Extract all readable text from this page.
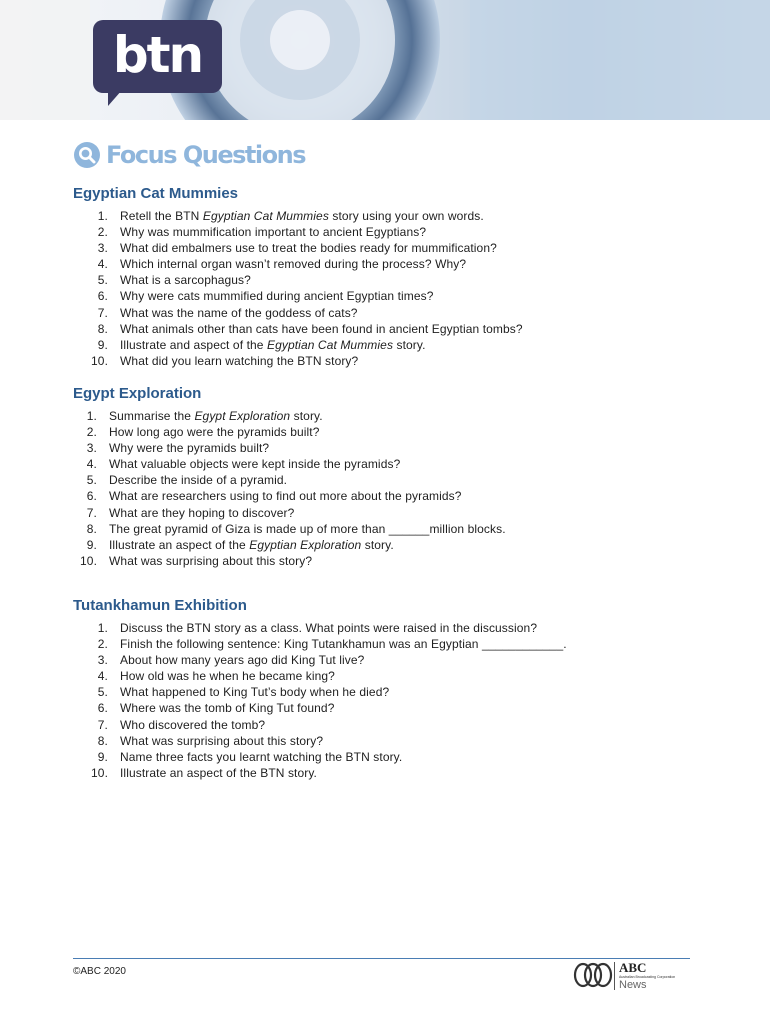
btn
Focus Questions
Egyptian Cat Mummies
1. Retell the BTN Egyptian Cat Mummies story using your own words.
2. Why was mummification important to ancient Egyptians?
3. What did embalmers use to treat the bodies ready for mummification?
4. Which internal organ wasn’t removed during the process? Why?
5. What is a sarcophagus?
6. Why were cats mummified during ancient Egyptian times?
7. What was the name of the goddess of cats?
8. What animals other than cats have been found in ancient Egyptian tombs?
9. Illustrate and aspect of the Egyptian Cat Mummies story.
10. What did you learn watching the BTN story?
Egypt Exploration
1. Summarise the Egypt Exploration story.
2. How long ago were the pyramids built?
3. Why were the pyramids built?
4. What valuable objects were kept inside the pyramids?
5. Describe the inside of a pyramid.
6. What are researchers using to find out more about the pyramids?
7. What are they hoping to discover?
8. The great pyramid of Giza is made up of more than ______million blocks.
9. Illustrate an aspect of the Egyptian Exploration story.
10. What was surprising about this story?
Tutankhamun Exhibition
1. Discuss the BTN story as a class. What points were raised in the discussion?
2. Finish the following sentence: King Tutankhamun was an Egyptian ____________.
3. About how many years ago did King Tut live?
4. How old was he when he became king?
5. What happened to King Tut’s body when he died?
6. Where was the tomb of King Tut found?
7. Who discovered the tomb?
8. What was surprising about this story?
9. Name three facts you learnt watching the BTN story.
10. Illustrate an aspect of the BTN story.
©ABC 2020	ABC
Australian Broadcasting Corporation
News
